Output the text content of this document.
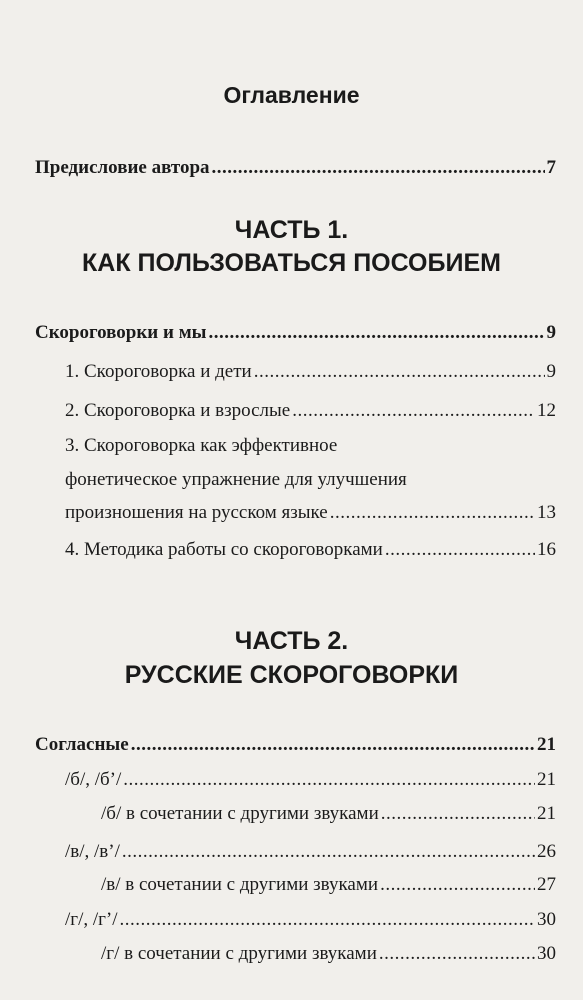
Оглавление
Предисловие автора .....	7
ЧАСТЬ 1.
КАК ПОЛЬЗОВАТЬСЯ ПОСОБИЕМ
Скороговорки и мы .....	9
1. Скороговорка и дети .....	9
2. Скороговорка и взрослые .....	12
3. Скороговорка как эффективное
фонетическое упражнение для улучшения
произношения на русском языке .....	13
4. Методика работы со скороговорками .....	16
ЧАСТЬ 2.
РУССКИЕ СКОРОГОВОРКИ
Согласные .....	21
/б/, /б’/ .....	21
/б/ в сочетании с другими звуками .....	21
/в/, /в’/ .....	26
/в/ в сочетании с другими звуками .....	27
/г/, /г’/ .....	30
/г/ в сочетании с другими звуками .....	30
